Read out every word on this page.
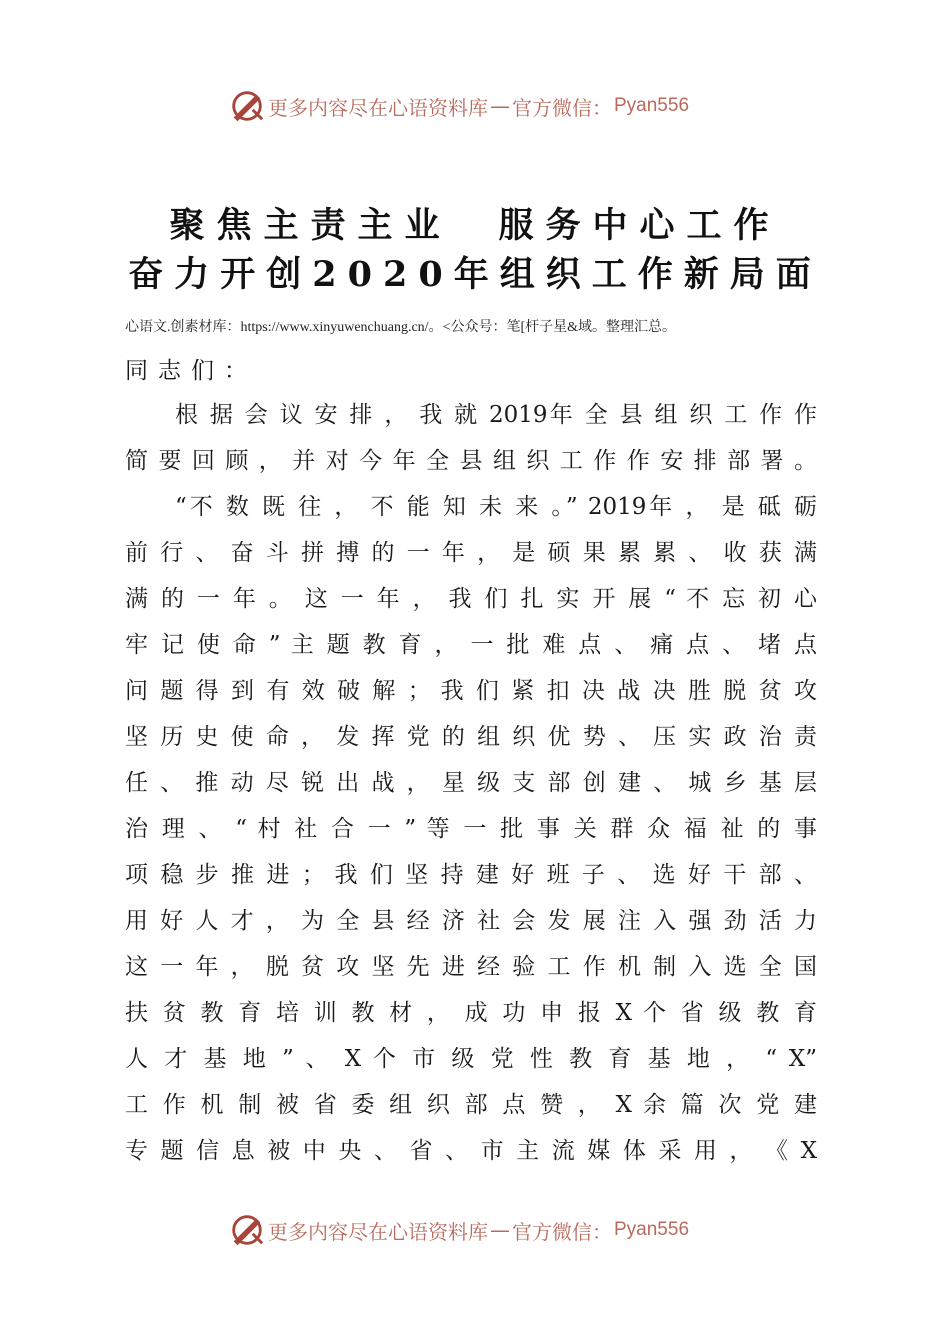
更多内容尽在心语资料库 — 官方微信： Pyan556
聚焦主责主业　服务中心工作
奋力开创2020年组织工作新局面
心语文.创素材库：https://www.xinyuwenchuang.cn/。<公众号：笔[杆子星&域。整理汇总。
同志们：
根 据 会 议 安 排 ， 我 就 2019年 全 县 组 织 工 作 作
简 要 回 顾 ， 并 对 今 年 全 县 组 织 工 作 作 安 排 部 署 。
“不 数 既 往 ， 不 能 知 未 来 。” 2019年 ， 是 砥 砺
前 行 、 奋 斗 拼 搏 的 一 年 ， 是 硕 果 累 累 、 收 获 满
满 的 一 年 。 这 一 年 ， 我 们 扎 实 开 展 “ 不 忘 初 心
牢 记 使 命 ” 主 题 教 育 ， 一 批 难 点 、 痛 点 、 堵 点
问 题 得 到 有 效 破 解 ； 我 们 紧 扣 决 战 决 胜 脱 贫 攻
坚 历 史 使 命 ， 发 挥 党 的 组 织 优 势 、 压 实 政 治 责
任 、 推 动 尽 锐 出 战 ， 星 级 支 部 创 建 、 城 乡 基 层
治 理 、 “ 村 社 合 一 ” 等 一 批 事 关 群 众 福 祉 的 事
项 稳 步 推 进 ； 我 们 坚 持 建 好 班 子 、 选 好 干 部 、
用 好 人 才 ， 为 全 县 经 济 社 会 发 展 注 入 强 劲 活 力
这 一 年 ， 脱 贫 攻 坚 先 进 经 验 工 作 机 制 入 选 全 国
扶 贫 教 育 培 训 教 材 ， 成 功 申 报 X 个 省 级 教 育
人 才 基 地 ” 、 X 个 市 级 党 性 教 育 基 地 ， “ X”
工 作 机 制 被 省 委 组 织 部 点 赞 ， X 余 篇 次 党 建
专 题 信 息 被 中 央 、 省 、 市 主 流 媒 体 采 用 ， 《 X
更多内容尽在心语资料库 — 官方微信： Pyan556
